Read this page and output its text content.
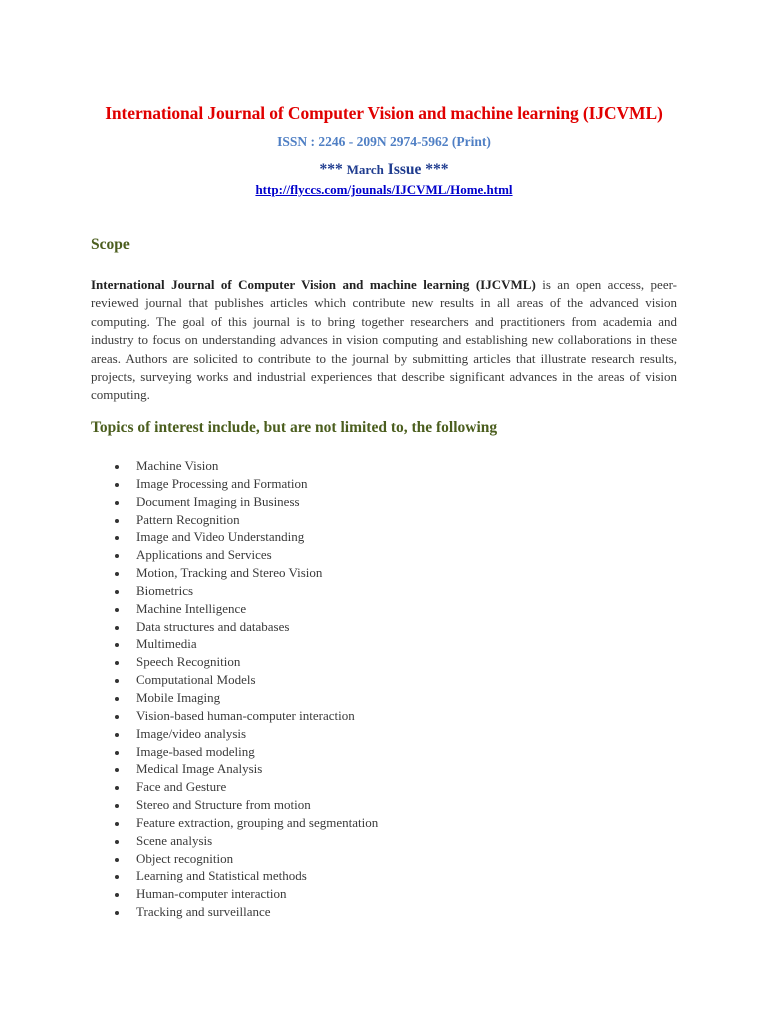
International Journal of Computer Vision and machine learning (IJCVML)
ISSN : 2246 - 209N 2974-5962 (Print)
*** March Issue ***
http://flyccs.com/jounals/IJCVML/Home.html
Scope
International Journal of Computer Vision and machine learning (IJCVML) is an open access, peer-reviewed journal that publishes articles which contribute new results in all areas of the advanced vision computing. The goal of this journal is to bring together researchers and practitioners from academia and industry to focus on understanding advances in vision computing and establishing new collaborations in these areas. Authors are solicited to contribute to the journal by submitting articles that illustrate research results, projects, surveying works and industrial experiences that describe significant advances in the areas of vision computing.
Topics of interest include, but are not limited to, the following
Machine Vision
Image Processing and Formation
Document Imaging in Business
Pattern Recognition
Image and Video Understanding
Applications and Services
Motion, Tracking and Stereo Vision
Biometrics
Machine Intelligence
Data structures and databases
Multimedia
Speech Recognition
Computational Models
Mobile Imaging
Vision-based human-computer interaction
Image/video analysis
Image-based modeling
Medical Image Analysis
Face and Gesture
Stereo and Structure from motion
Feature extraction, grouping and segmentation
Scene analysis
Object recognition
Learning and Statistical methods
Human-computer interaction
Tracking and surveillance
